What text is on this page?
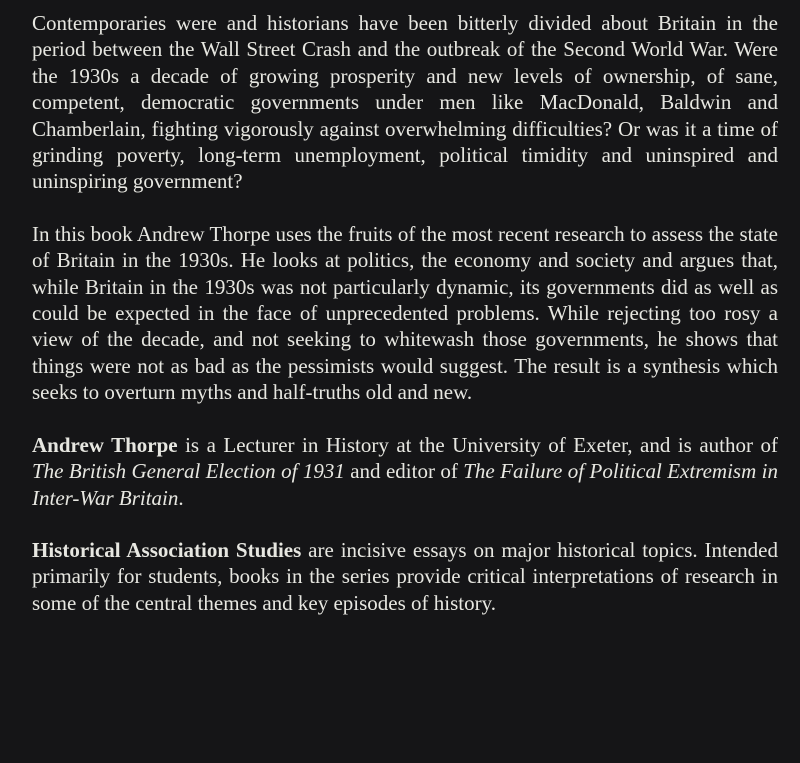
Contemporaries were and historians have been bitterly divided about Britain in the period between the Wall Street Crash and the outbreak of the Second World War. Were the 1930s a decade of growing prosperity and new levels of ownership, of sane, competent, democratic governments under men like MacDonald, Baldwin and Chamberlain, fighting vigorously against overwhelming difficulties? Or was it a time of grinding poverty, long-term unemployment, political timidity and uninspired and uninspiring government?

In this book Andrew Thorpe uses the fruits of the most recent research to assess the state of Britain in the 1930s. He looks at politics, the economy and society and argues that, while Britain in the 1930s was not particularly dynamic, its governments did as well as could be expected in the face of unprecedented problems. While rejecting too rosy a view of the decade, and not seeking to whitewash those governments, he shows that things were not as bad as the pessimists would suggest. The result is a synthesis which seeks to overturn myths and half-truths old and new.

Andrew Thorpe is a Lecturer in History at the University of Exeter, and is author of The British General Election of 1931 and editor of The Failure of Political Extremism in Inter-War Britain.

Historical Association Studies are incisive essays on major historical topics. Intended primarily for students, books in the series provide critical interpretations of research in some of the central themes and key episodes of history.
